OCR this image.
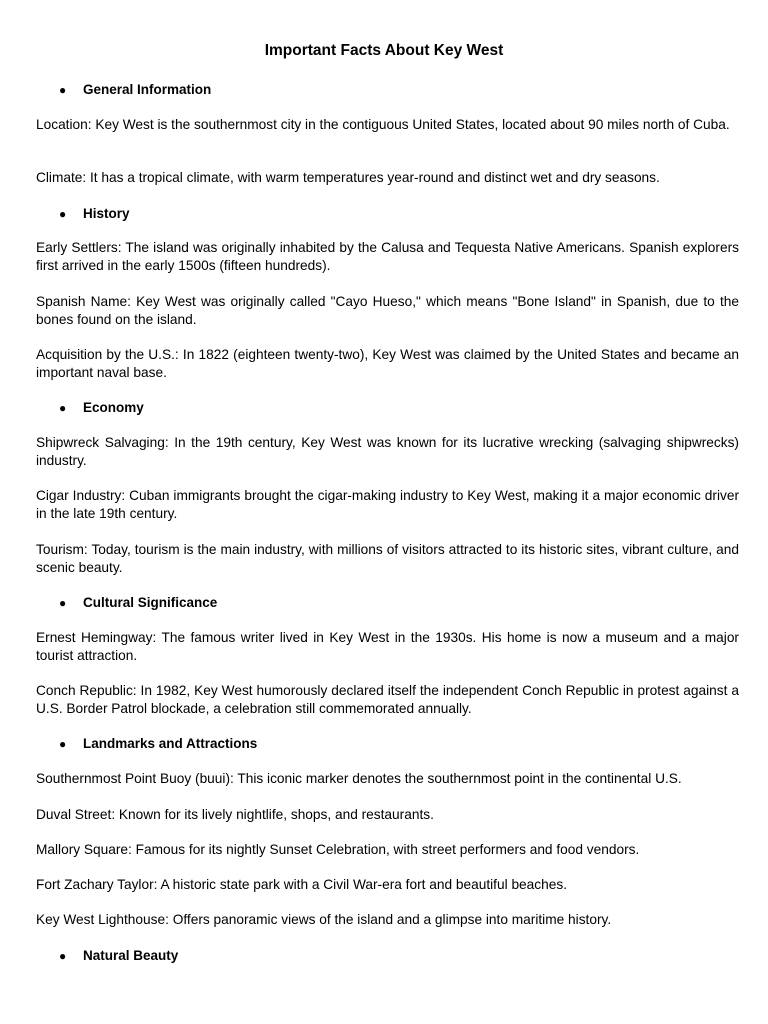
Important Facts About Key West
● General Information
Location: Key West is the southernmost city in the contiguous United States, located about 90 miles north of Cuba.
Climate: It has a tropical climate, with warm temperatures year-round and distinct wet and dry seasons.
● History
Early Settlers: The island was originally inhabited by the Calusa and Tequesta Native Americans. Spanish explorers first arrived in the early 1500s (fifteen hundreds).
Spanish Name: Key West was originally called "Cayo Hueso," which means "Bone Island" in Spanish, due to the bones found on the island.
Acquisition by the U.S.: In 1822 (eighteen twenty-two), Key West was claimed by the United States and became an important naval base.
● Economy
Shipwreck Salvaging: In the 19th century, Key West was known for its lucrative wrecking (salvaging shipwrecks) industry.
Cigar Industry: Cuban immigrants brought the cigar-making industry to Key West, making it a major economic driver in the late 19th century.
Tourism: Today, tourism is the main industry, with millions of visitors attracted to its historic sites, vibrant culture, and scenic beauty.
● Cultural Significance
Ernest Hemingway: The famous writer lived in Key West in the 1930s. His home is now a museum and a major tourist attraction.
Conch Republic: In 1982, Key West humorously declared itself the independent Conch Republic in protest against a U.S. Border Patrol blockade, a celebration still commemorated annually.
● Landmarks and Attractions
Southernmost Point Buoy (buui): This iconic marker denotes the southernmost point in the continental U.S.
Duval Street: Known for its lively nightlife, shops, and restaurants.
Mallory Square: Famous for its nightly Sunset Celebration, with street performers and food vendors.
Fort Zachary Taylor: A historic state park with a Civil War-era fort and beautiful beaches.
Key West Lighthouse: Offers panoramic views of the island and a glimpse into maritime history.
● Natural Beauty
